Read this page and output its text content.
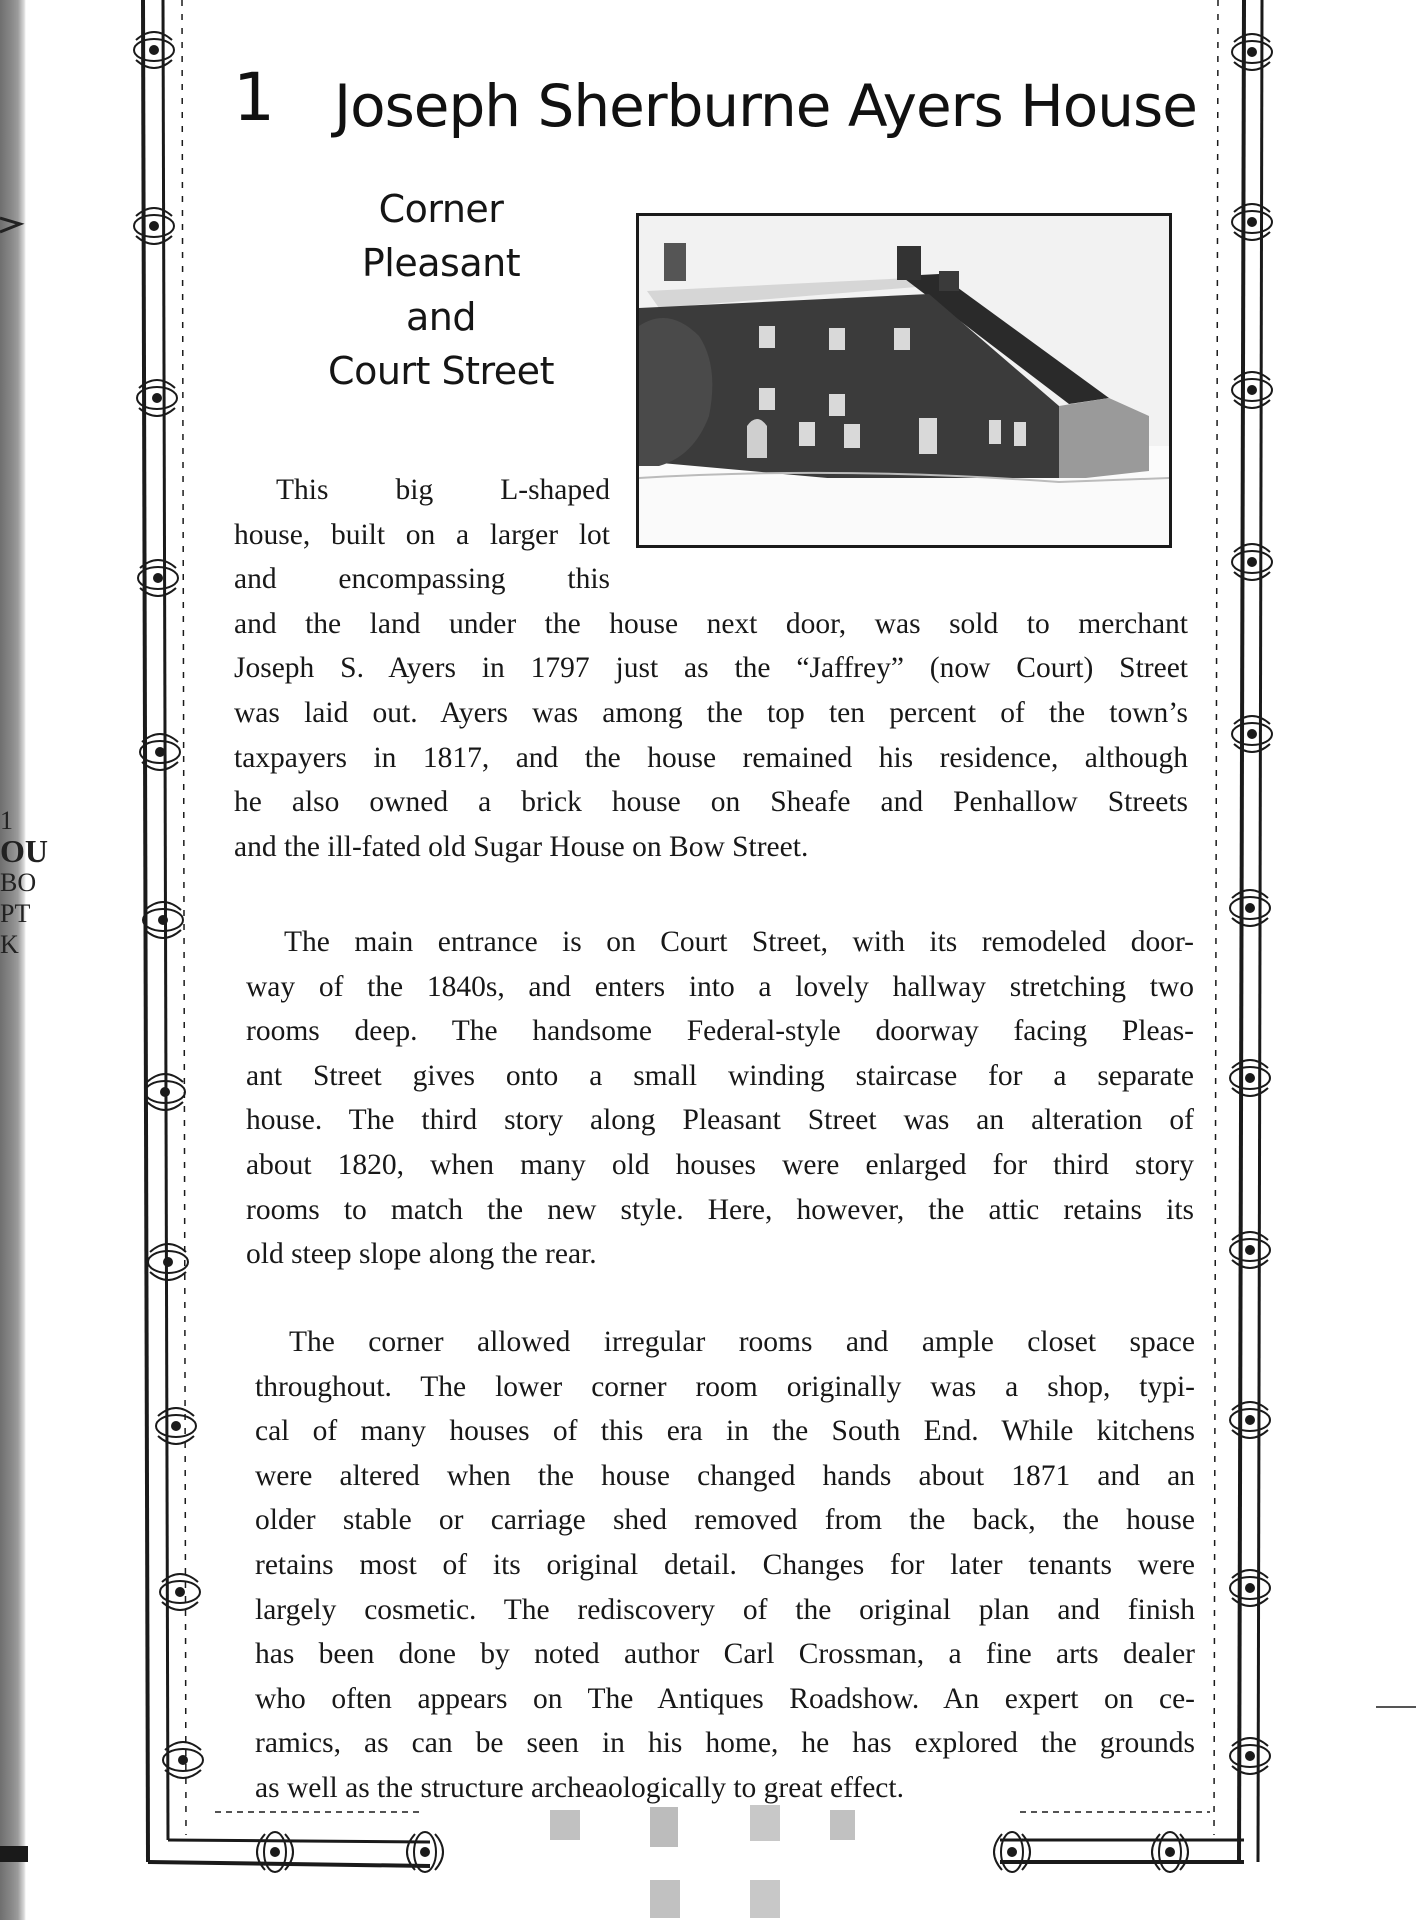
1
OU
BO
PT
K
1 Joseph Sherburne Ayers House
Corner
Pleasant
and
Court Street
This big L-shaped
house, built on a larger lot
and encompassing this
and the land under the house next door, was sold to merchant
Joseph S. Ayers in 1797 just as the “Jaffrey” (now Court) Street
was laid out. Ayers was among the top ten percent of the town’s
taxpayers in 1817, and the house remained his residence, although
he also owned a brick house on Sheafe and Penhallow Streets
and the ill-fated old Sugar House on Bow Street.
The main entrance is on Court Street, with its remodeled door-
way of the 1840s, and enters into a lovely hallway stretching two
rooms deep. The handsome Federal-style doorway facing Pleas-
ant Street gives onto a small winding staircase for a separate
house. The third story along Pleasant Street was an alteration of
about 1820, when many old houses were enlarged for third story
rooms to match the new style. Here, however, the attic retains its
old steep slope along the rear.
The corner allowed irregular rooms and ample closet space
throughout. The lower corner room originally was a shop, typi-
cal of many houses of this era in the South End. While kitchens
were altered when the house changed hands about 1871 and an
older stable or carriage shed removed from the back, the house
retains most of its original detail. Changes for later tenants were
largely cosmetic. The rediscovery of the original plan and finish
has been done by noted author Carl Crossman, a fine arts dealer
who often appears on The Antiques Roadshow. An expert on ce-
ramics, as can be seen in his home, he has explored the grounds
as well as the structure archeaologically to great effect.
